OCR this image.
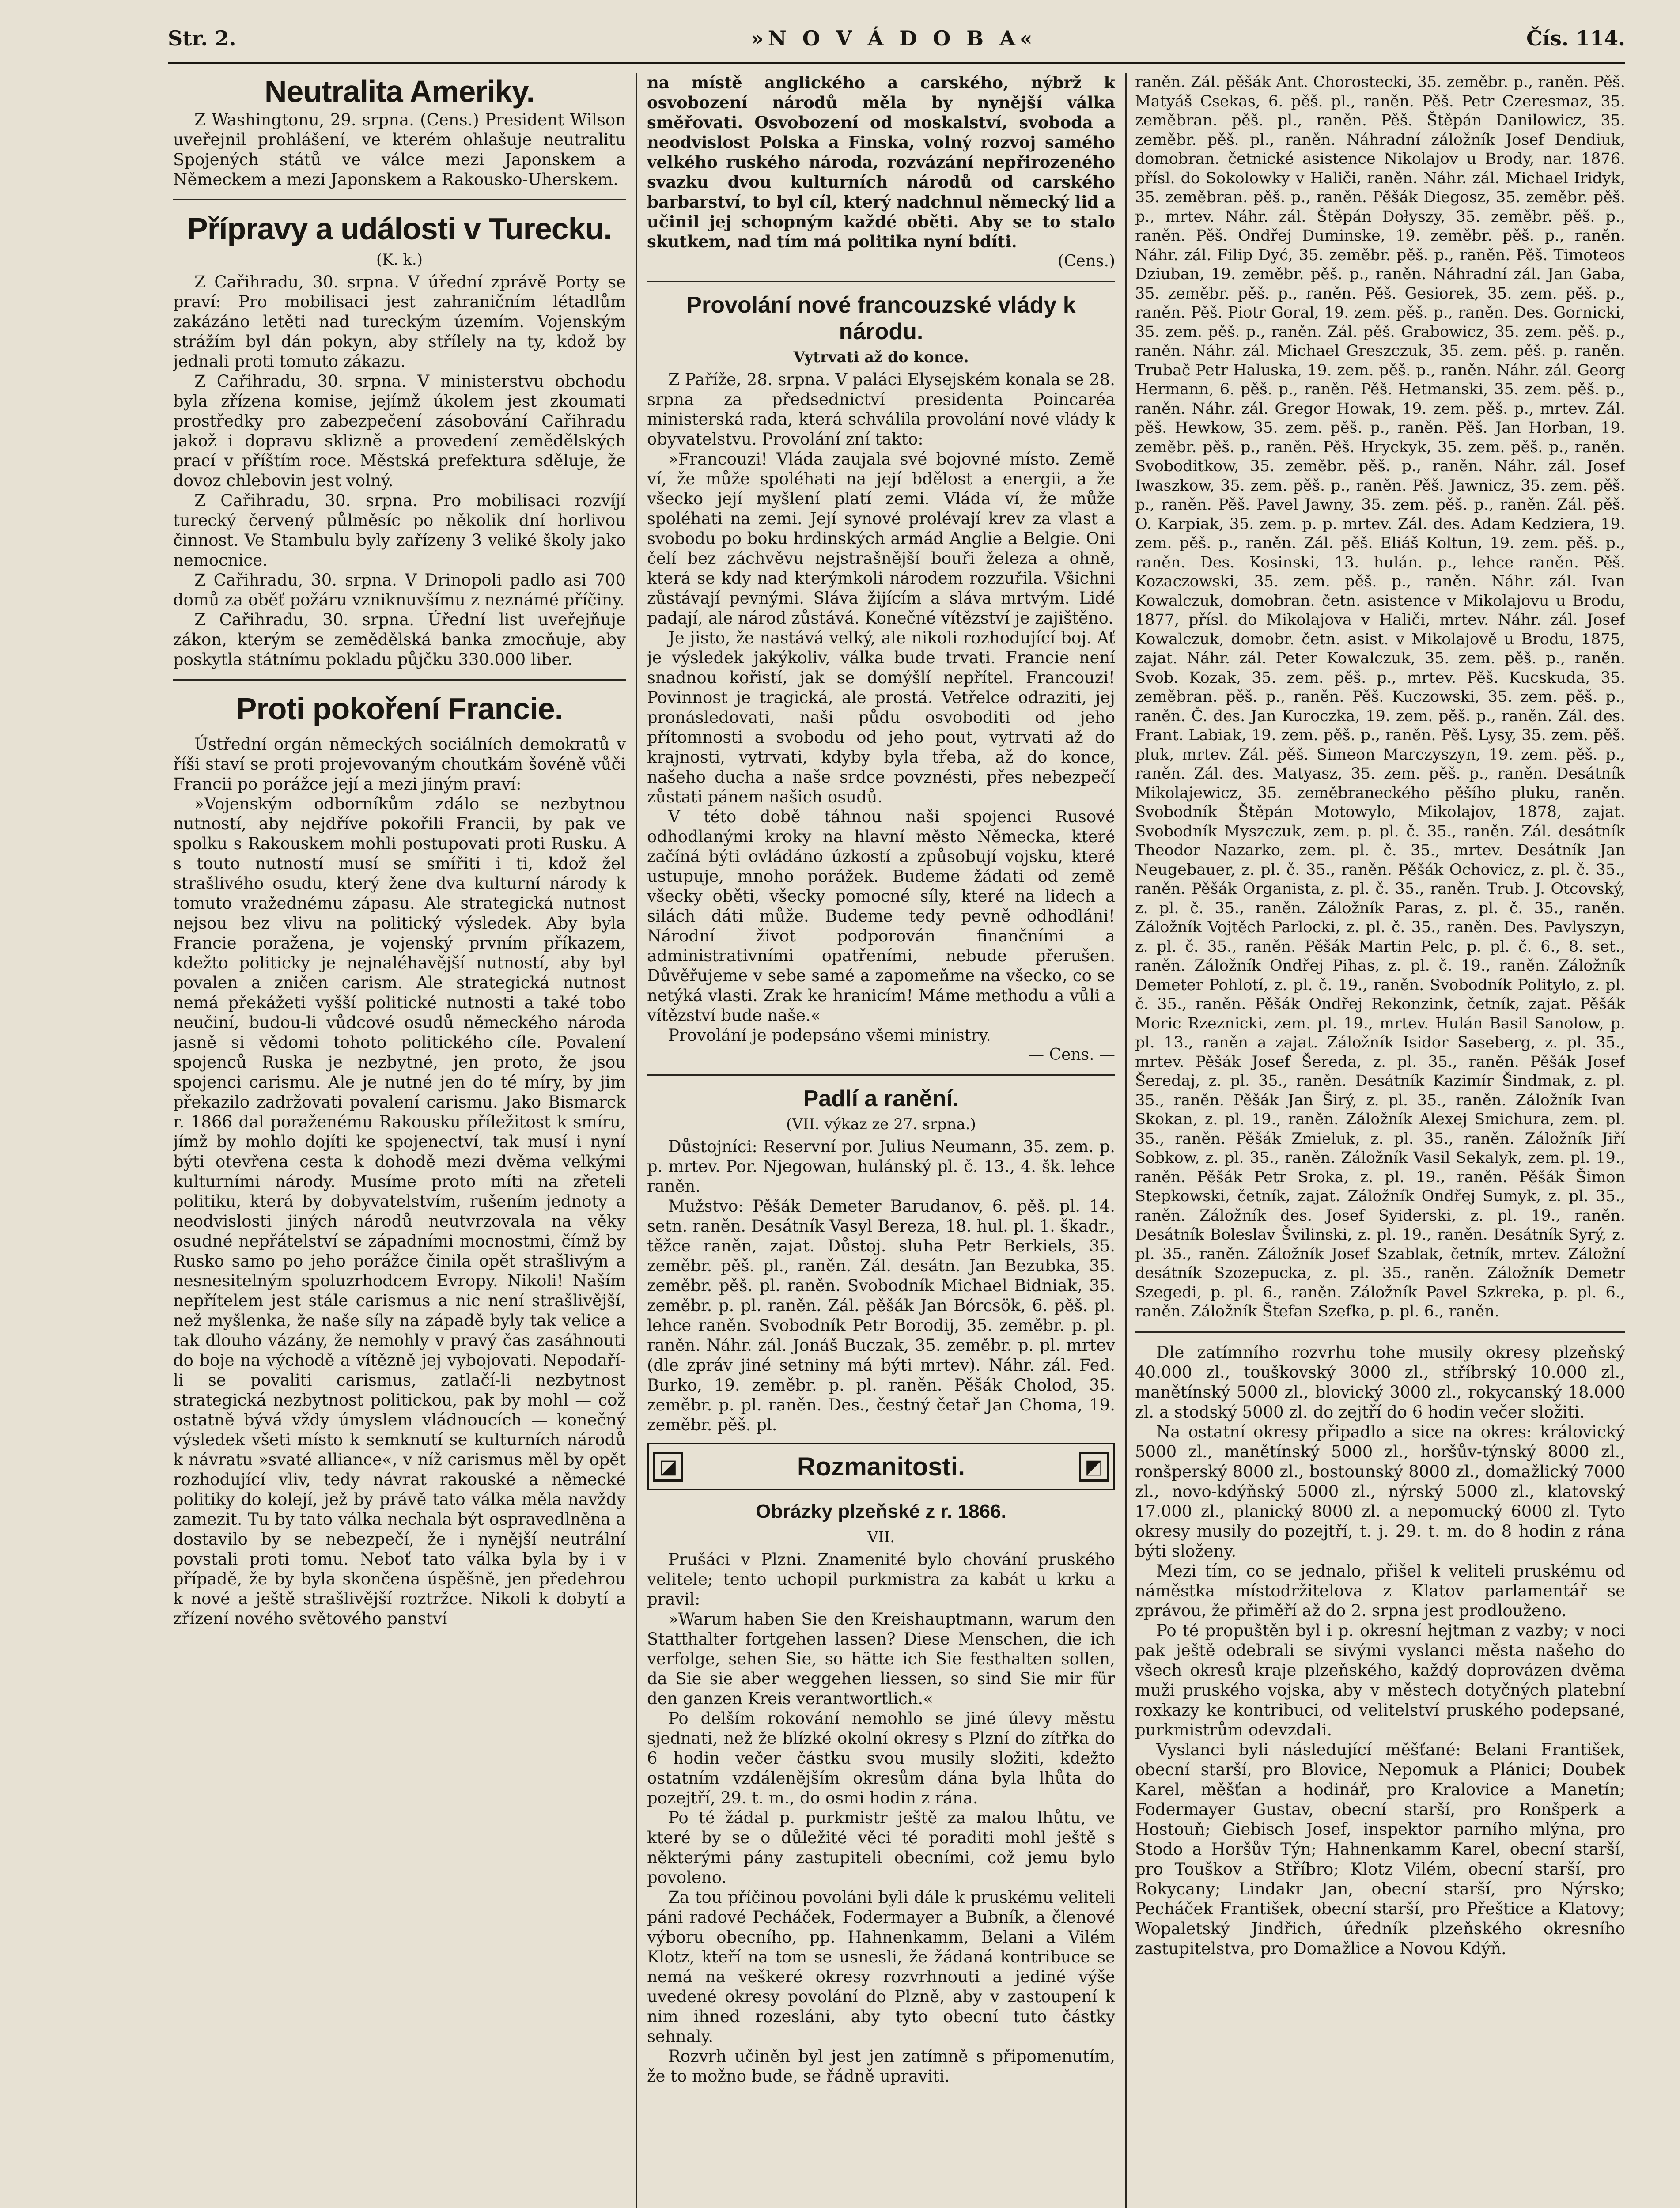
Str. 2.	»N O V Á D O B A«	Čís. 114.
Neutralita Ameriky.

Z Washingtonu, 29. srpna. (Cens.) President Wilson uveřejnil prohlášení, ve kterém ohlašuje neutralitu Spojených států ve válce mezi Japonskem a Německem a mezi Japonskem a Rakousko-Uherskem.

Přípravy a události v Turecku.
(K. k.)

Z Cařihradu, 30. srpna. V úřední zprávě Porty se praví: Pro mobilisaci jest zahraničním létadlům zakázáno letěti nad tureckým územím. Vojenským strážím byl dán pokyn, aby střílely na ty, kdož by jednali proti tomuto zákazu.

Z Cařihradu, 30. srpna. V ministerstvu obchodu byla zřízena komise, jejímž úkolem jest zkoumati prostředky pro zabezpečení zásobování Cařihradu jakož i dopravu sklizně a provedení zemědělských prací v příštím roce. Městská prefektura sděluje, že dovoz chlebovin jest volný.

Z Cařihradu, 30. srpna. Pro mobilisaci rozvíjí turecký červený půlměsíc po několik dní horlivou činnost. Ve Stambulu byly zařízeny 3 veliké školy jako nemocnice.

Z Cařihradu, 30. srpna. V Drinopoli padlo asi 700 domů za oběť požáru vzniknuvšímu z neznámé příčiny.

Z Cařihradu, 30. srpna. Úřední list uveřejňuje zákon, kterým se zemědělská banka zmocňuje, aby poskytla státnímu pokladu půjčku 330.000 liber.

Proti pokoření Francie.

Ústřední orgán německých sociálních demokratů v říši staví se proti projevovaným choutkám šovéně vůči Francii po porážce její a mezi jiným praví:

»Vojenským odborníkům zdálo se nezbytnou nutností, aby nejdříve pokořili Francii, by pak ve spolku s Rakouskem mohli postupovati proti Rusku. A s touto nutností musí se smířiti i ti, kdož žel strašlivého osudu, který žene dva kulturní národy k tomuto vražednému zápasu. Ale strategická nutnost nejsou bez vlivu na politický výsledek. Aby byla Francie poražena, je vojenský prvním příkazem, kdežto politicky je nejnaléhavější nutností, aby byl povalen a zničen carism. Ale strategická nutnost nemá překážeti vyšší politické nutnosti a také tobo neučiní, budou-li vůdcové osudů německého národa jasně si vědomi tohoto politického cíle. Povalení spojenců Ruska je nezbytné, jen proto, že jsou spojenci carismu. Ale je nutné jen do té míry, by jim překazilo zadržovati povalení carismu. Jako Bismarck r. 1866 dal poraženému Rakousku příležitost k smíru, jímž by mohlo dojíti ke spojenectví, tak musí i nyní býti otevřena cesta k dohodě mezi dvěma velkými kulturními národy. Musíme proto míti na zřeteli politiku, která by dobyvatelstvím, rušením jednoty a neodvislosti jiných národů neutvrzovala na věky osudné nepřátelství se západními mocnostmi, čímž by Rusko samo po jeho porážce činila opět strašlivým a nesnesitelným spoluzrhodcem Evropy. Nikoli! Naším nepřítelem jest stále carismus a nic není strašlivější, než myšlenka, že naše síly na západě byly tak velice a tak dlouho vázány, že nemohly v pravý čas zasáhnouti do boje na východě a vítězně jej vybojovati. Nepodaří-li se povaliti carismus, zatlačí-li nezbytnost strategická nezbytnost politickou, pak by mohl — což ostatně bývá vždy úmyslem vládnoucích — konečný výsledek všeti místo k semknutí se kulturních národů k návratu »svaté alliance«, v níž carismus měl by opět rozhodující vliv, tedy návrat rakouské a německé politiky do kolejí, jež by právě tato válka měla navždy zamezit. Tu by tato válka nechala být ospravedlněna a dostavilo by se nebezpečí, že i nynější neutrální povstali proti tomu. Neboť tato válka byla by i v případě, že by byla skončena úspěšně, jen předehrou k nové a ještě strašlivější roztržce. Nikoli k dobytí a zřízení nového světového panství

na místě anglického a carského, nýbrž k osvobození národů měla by nynější válka směřovati. Osvobození od moskalství, svoboda a neodvislost Polska a Finska, volný rozvoj samého velkého ruského národa, rozvázání nepřirozeného svazku dvou kulturních národů od carského barbarství, to byl cíl, který nadchnul německý lid a učinil jej schopným každé oběti. Aby se to stalo skutkem, nad tím má politika nyní bdíti.

(Cens.)
Provolání nové francouzské vlády k národu.
Vytrvati až do konce.

Z Paříže, 28. srpna. V paláci Elysejském konala se 28. srpna za předsednictví presidenta Poincaréa ministerská rada, která schválila provolání nové vlády k obyvatelstvu. Provolání zní takto:

»Francouzi! Vláda zaujala své bojovné místo. Země ví, že může spoléhati na její bdělost a energii, a že všecko její myšlení platí zemi. Vláda ví, že může spoléhati na zemi. Její synové prolévají krev za vlast a svobodu po boku hrdinských armád Anglie a Belgie. Oni čelí bez záchvěvu nejstrašnější bouři železa a ohně, která se kdy nad kterýmkoli národem rozzuřila. Všichni zůstávají pevnými. Sláva žijícím a sláva mrtvým. Lidé padají, ale národ zůstává. Konečné vítězství je zajištěno.

Je jisto, že nastává velký, ale nikoli rozhodující boj. Ať je výsledek jakýkoliv, válka bude trvati. Francie není snadnou kořistí, jak se domýšlí nepřítel. Francouzi! Povinnost je tragická, ale prostá. Vetřelce odraziti, jej pronásledovati, naši půdu osvoboditi od jeho přítomnosti a svobodu od jeho pout, vytrvati až do krajnosti, vytrvati, kdyby byla třeba, až do konce, našeho ducha a naše srdce povznésti, přes nebezpečí zůstati pánem našich osudů.

V této době táhnou naši spojenci Rusové odhodlanými kroky na hlavní město Německa, které začíná býti ovládáno úzkostí a způsobují vojsku, které ustupuje, mnoho porážek. Budeme žádati od země všecky oběti, všecky pomocné síly, které na lidech a silách dáti může. Budeme tedy pevně odhodláni! Národní život podporován finančními a administrativními opatřeními, nebude přerušen. Důvěřujeme v sebe samé a zapomeňme na všecko, co se netýká vlasti. Zrak ke hranicím! Máme methodu a vůli a vítězství bude naše.«

Provolání je podepsáno všemi ministry.

— Cens. —
Padlí a ranění.
(VII. výkaz ze 27. srpna.)

Důstojníci: Reservní por. Julius Neumann, 35. zem. p. p. mrtev. Por. Njegowan, hulánský pl. č. 13., 4. šk. lehce raněn.

Mužstvo: Pěšák Demeter Barudanov, 6. pěš. pl. 14. setn. raněn. Desátník Vasyl Bereza, 18. hul. pl. 1. škadr., těžce raněn, zajat. Důstoj. sluha Petr Berkiels, 35. zeměbr. pěš. pl., raněn. Zál. desátn. Jan Bezubka, 35. zeměbr. pěš. pl. raněn. Svobodník Michael Bidniak, 35. zeměbr. p. pl. raněn. Zál. pěšák Jan Bórcsök, 6. pěš. pl. lehce raněn. Svobodník Petr Borodij, 35. zeměbr. p. pl. raněn. Náhr. zál. Jonáš Buczak, 35. zeměbr. p. pl. mrtev (dle zpráv jiné setniny má býti mrtev). Náhr. zál. Fed. Burko, 19. zeměbr. p. pl. raněn. Pěšák Cholod, 35. zeměbr. p. pl. raněn. Des., čestný četař Jan Choma, 19. zeměbr. pěš. pl.

◪	Rozmanitosti.	◩
Obrázky plzeňské z r. 1866.
VII.

Prušáci v Plzni. Znamenité bylo chování pruského velitele; tento uchopil purkmistra za kabát u krku a pravil:

»Warum haben Sie den Kreishauptmann, warum den Statthalter fortgehen lassen? Diese Menschen, die ich verfolge, sehen Sie, so hätte ich Sie festhalten sollen, da Sie sie aber weggehen liessen, so sind Sie mir für den ganzen Kreis verantwortlich.«

Po delším rokování nemohlo se jiné úlevy městu sjednati, než že blízké okolní okresy s Plzní do zítřka do 6 hodin večer částku svou musily složiti, kdežto ostatním vzdálenějším okresům dána byla lhůta do pozejtří, 29. t. m., do osmi hodin z rána.

Po té žádal p. purkmistr ještě za malou lhůtu, ve které by se o důležité věci té poraditi mohl ještě s některými pány zastupiteli obecními, což jemu bylo povoleno.

Za tou příčinou povoláni byli dále k pruskému veliteli páni radové Pecháček, Fodermayer a Bubník, a členové výboru obecního, pp. Hahnenkamm, Belani a Vilém Klotz, kteří na tom se usnesli, že žádaná kontribuce se nemá na veškeré okresy rozvrhnouti a jediné výše uvedené okresy povolání do Plzně, aby v zastoupení k nim ihned rozesláni, aby tyto obecní tuto částky sehnaly.

Rozvrh učiněn byl jest jen zatímně s připomenutím, že to možno bude, se řádně upraviti.

raněn. Zál. pěšák Ant. Chorostecki, 35. zeměbr. p., raněn. Pěš. Matyáš Csekas, 6. pěš. pl., raněn. Pěš. Petr Czeresmaz, 35. zeměbran. pěš. pl., raněn. Pěš. Štěpán Danilowicz, 35. zeměbr. pěš. pl., raněn. Náhradní záložník Josef Dendiuk, domobran. četnické asistence Nikolajov u Brody, nar. 1876. přísl. do Sokolowky v Haliči, raněn. Náhr. zál. Michael Iridyk, 35. zeměbran. pěš. p., raněn. Pěšák Diegosz, 35. zeměbr. pěš. p., mrtev. Náhr. zál. Štěpán Dołyszy, 35. zeměbr. pěš. p., raněn. Pěš. Ondřej Duminske, 19. zeměbr. pěš. p., raněn. Náhr. zál. Filip Dyć, 35. zeměbr. pěš. p., raněn. Pěš. Timoteos Dziuban, 19. zeměbr. pěš. p., raněn. Náhradní zál. Jan Gaba, 35. zeměbr. pěš. p., raněn. Pěš. Gesiorek, 35. zem. pěš. p., raněn. Pěš. Piotr Goral, 19. zem. pěš. p., raněn. Des. Gornicki, 35. zem. pěš. p., raněn. Zál. pěš. Grabowicz, 35. zem. pěš. p., raněn. Náhr. zál. Michael Greszczuk, 35. zem. pěš. p. raněn. Trubač Petr Haluska, 19. zem. pěš. p., raněn. Náhr. zál. Georg Hermann, 6. pěš. p., raněn. Pěš. Hetmanski, 35. zem. pěš. p., raněn. Náhr. zál. Gregor Howak, 19. zem. pěš. p., mrtev. Zál. pěš. Hewkow, 35. zem. pěš. p., raněn. Pěš. Jan Horban, 19. zeměbr. pěš. p., raněn. Pěš. Hryckyk, 35. zem. pěš. p., raněn. Svoboditkow, 35. zeměbr. pěš. p., raněn. Náhr. zál. Josef Iwaszkow, 35. zem. pěš. p., raněn. Pěš. Jawnicz, 35. zem. pěš. p., raněn. Pěš. Pavel Jawny, 35. zem. pěš. p., raněn. Zál. pěš. O. Karpiak, 35. zem. p. p. mrtev. Zál. des. Adam Kedziera, 19. zem. pěš. p., raněn. Zál. pěš. Eliáš Koltun, 19. zem. pěš. p., raněn. Des. Kosinski, 13. hulán. p., lehce raněn. Pěš. Kozaczowski, 35. zem. pěš. p., raněn. Náhr. zál. Ivan Kowalczuk, domobran. četn. asistence v Mikolajovu u Brodu, 1877, přísl. do Mikolajova v Haliči, mrtev. Náhr. zál. Josef Kowalczuk, domobr. četn. asist. v Mikolajově u Brodu, 1875, zajat. Náhr. zál. Peter Kowalczuk, 35. zem. pěš. p., raněn. Svob. Kozak, 35. zem. pěš. p., mrtev. Pěš. Kucskuda, 35. zeměbran. pěš. p., raněn. Pěš. Kuczowski, 35. zem. pěš. p., raněn. Č. des. Jan Kuroczka, 19. zem. pěš. p., raněn. Zál. des. Frant. Labiak, 19. zem. pěš. p., raněn. Pěš. Lysy, 35. zem. pěš. pluk, mrtev. Zál. pěš. Simeon Marczyszyn, 19. zem. pěš. p., raněn. Zál. des. Matyasz, 35. zem. pěš. p., raněn. Desátník Mikolajewicz, 35. zeměbraneckého pěšího pluku, raněn. Svobodník Štěpán Motowylo, Mikolajov, 1878, zajat. Svobodník Myszczuk, zem. p. pl. č. 35., raněn. Zál. desátník Theodor Nazarko, zem. pl. č. 35., mrtev. Desátník Jan Neugebauer, z. pl. č. 35., raněn. Pěšák Ochovicz, z. pl. č. 35., raněn. Pěšák Organista, z. pl. č. 35., raněn. Trub. J. Otcovský, z. pl. č. 35., raněn. Záložník Paras, z. pl. č. 35., raněn. Záložník Vojtěch Parlocki, z. pl. č. 35., raněn. Des. Pavlyszyn, z. pl. č. 35., raněn. Pěšák Martin Pelc, p. pl. č. 6., 8. set., raněn. Záložník Ondřej Pihas, z. pl. č. 19., raněn. Záložník Demeter Pohlotí, z. pl. č. 19., raněn. Svobodník Politylo, z. pl. č. 35., raněn. Pěšák Ondřej Rekonzink, četník, zajat. Pěšák Moric Rzeznicki, zem. pl. 19., mrtev. Hulán Basil Sanolow, p. pl. 13., raněn a zajat. Záložník Isidor Saseberg, z. pl. 35., mrtev. Pěšák Josef Šereda, z. pl. 35., raněn. Pěšák Josef Šeredaj, z. pl. 35., raněn. Desátník Kazimír Šindmak, z. pl. 35., raněn. Pěšák Jan Širý, z. pl. 35., raněn. Záložník Ivan Skokan, z. pl. 19., raněn. Záložník Alexej Smichura, zem. pl. 35., raněn. Pěšák Zmieluk, z. pl. 35., raněn. Záložník Jiří Sobkow, z. pl. 35., raněn. Záložník Vasil Sekalyk, zem. pl. 19., raněn. Pěšák Petr Sroka, z. pl. 19., raněn. Pěšák Šimon Stepkowski, četník, zajat. Záložník Ondřej Sumyk, z. pl. 35., raněn. Záložník des. Josef Syiderski, z. pl. 19., raněn. Desátník Boleslav Švilinski, z. pl. 19., raněn. Desátník Syrý, z. pl. 35., raněn. Záložník Josef Szablak, četník, mrtev. Záložní desátník Szozepucka, z. pl. 35., raněn. Záložník Demetr Szegedi, p. pl. 6., raněn. Záložník Pavel Szkreka, p. pl. 6., raněn. Záložník Štefan Szefka, p. pl. 6., raněn.

Dle zatímního rozvrhu tohe musily okresy plzeňský 40.000 zl., touškovský 3000 zl., stříbrský 10.000 zl., manětínský 5000 zl., blovický 3000 zl., rokycanský 18.000 zl. a stodský 5000 zl. do zejtří do 6 hodin večer složiti.

Na ostatní okresy připadlo a sice na okres: královický 5000 zl., manětínský 5000 zl., horšův-týnský 8000 zl., ronšperský 8000 zl., bostounský 8000 zl., domažlický 7000 zl., novo-kdýňský 5000 zl., nýrský 5000 zl., klatovský 17.000 zl., planický 8000 zl. a nepomucký 6000 zl. Tyto okresy musily do pozejtří, t. j. 29. t. m. do 8 hodin z rána býti složeny.

Mezi tím, co se jednalo, přišel k veliteli pruskému od náměstka místodržitelova z Klatov parlamentář se zprávou, že přiměří až do 2. srpna jest prodlouženo.

Po té propuštěn byl i p. okresní hejtman z vazby; v noci pak ještě odebrali se sivými vyslanci města našeho do všech okresů kraje plzeňského, každý doprovázen dvěma muži pruského vojska, aby v městech dotyčných platební roxkazy ke kontribuci, od velitelství pruského podepsané, purkmistrům odevzdali.

Vyslanci byli následující měšťané: Belani František, obecní starší, pro Blovice, Nepomuk a Plánici; Doubek Karel, měšťan a hodinář, pro Kralovice a Manetín; Fodermayer Gustav, obecní starší, pro Ronšperk a Hostouň; Giebisch Josef, inspektor parního mlýna, pro Stodo a Horšův Týn; Hahnenkamm Karel, obecní starší, pro Touškov a Stříbro; Klotz Vilém, obecní starší, pro Rokycany; Lindakr Jan, obecní starší, pro Nýrsko; Pecháček František, obecní starší, pro Přeštice a Klatovy; Wopaletský Jindřich, úředník plzeňského okresního zastupitelstva, pro Domažlice a Novou Kdýň.
